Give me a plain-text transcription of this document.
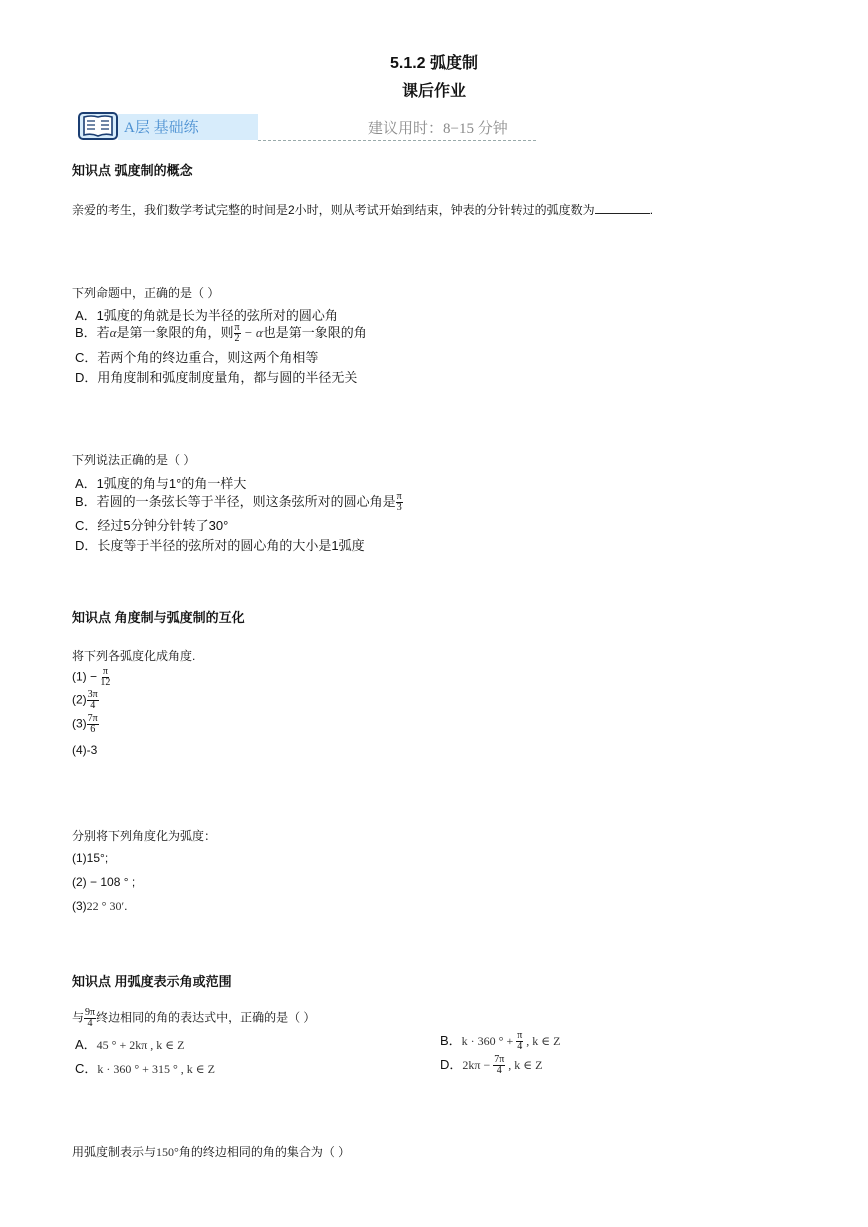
5.1.2 弧度制
课后作业
A层 基础练	建议用时：8−15 分钟
知识点 弧度制的概念
亲爱的考生，我们数学考试完整的时间是2小时，则从考试开始到结束，钟表的分针转过的弧度数为	.
下列命题中，正确的是（ ）
A．1弧度的角就是长为半径的弦所对的圆心角
B．若α是第一象限的角，则 $\frac{\pi}{2} - \alpha$也是第一象限的角
C．若两个角的终边重合，则这两个角相等
D．用角度制和弧度制度量角，都与圆的半径无关
下列说法正确的是（ ）
A．1弧度的角与1°的角一样大
B．若圆的一条弦长等于半径，则这条弦所对的圆心角是 $\frac{\pi}{3}$
C．经过5分钟分针转了30°
D．长度等于半径的弦所对的圆心角的大小是1弧度
知识点 角度制与弧度制的互化
将下列各弧度化成角度.
$(1) - \frac{\pi}{12}$
$(2) \frac{3\pi}{4}$
$(3) \frac{7\pi}{6}$
(4)-3
分别将下列角度化为弧度：
(1)15°;
(2) − 108 ° ;
(3)22 ° 30′.
知识点 用弧度表示角或范围
与 $\frac{9\pi}{4}$ 终边相同的角的表达式中，正确的是（ ）
A．45 ° + 2kπ , k ∈ Z	B．k · 360 ° + $\frac{\pi}{4}$ , k ∈ Z
C．k · 360 ° + 315 ° , k ∈ Z	D．$2k\pi - \frac{7\pi}{4}$ , k ∈ Z
用弧度制表示与150°角的终边相同的角的集合为（ ）
